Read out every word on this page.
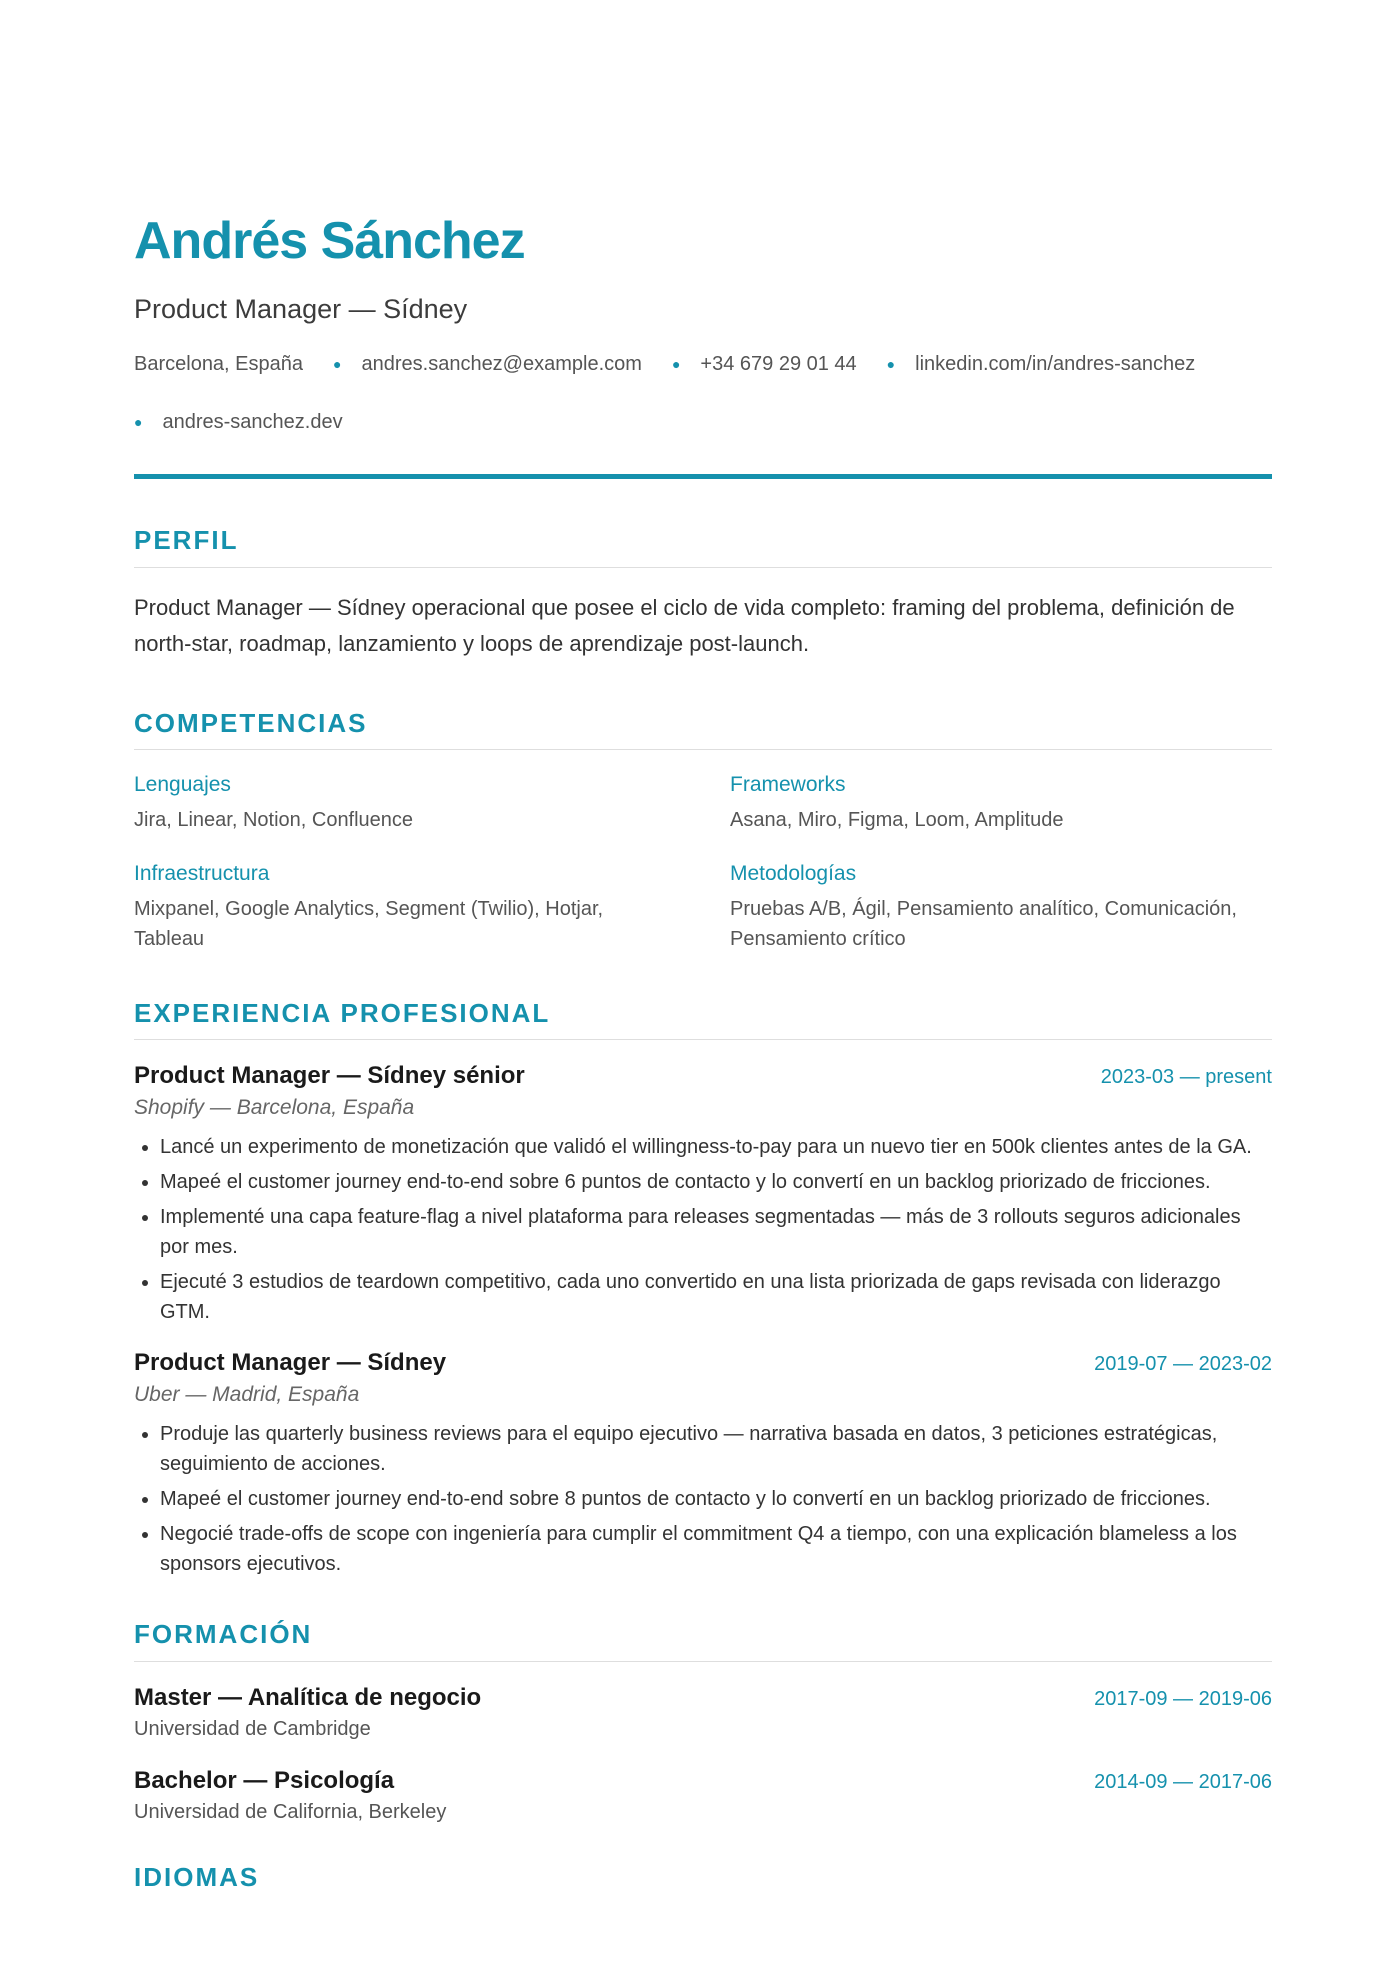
Andrés Sánchez
Product Manager — Sídney
Barcelona, España ● andres.sanchez@example.com ● +34 679 29 01 44 ● linkedin.com/in/andres-sanchez
● andres-sanchez.dev
PERFIL

Product Manager — Sídney operacional que posee el ciclo de vida completo: framing del problema, definición de north-star, roadmap, lanzamiento y loops de aprendizaje post-launch.

COMPETENCIAS
Lenguajes
Jira, Linear, Notion, Confluence
Frameworks
Asana, Miro, Figma, Loom, Amplitude
Infraestructura
Mixpanel, Google Analytics, Segment (Twilio), Hotjar, Tableau
Metodologías
Pruebas A/B, Ágil, Pensamiento analítico, Comunicación, Pensamiento crítico
EXPERIENCIA PROFESIONAL
Product Manager — Sídney sénior	2023-03 — present
Shopify — Barcelona, España
• Lancé un experimento de monetización que validó el willingness-to-pay para un nuevo tier en 500k clientes antes de la GA.
• Mapeé el customer journey end-to-end sobre 6 puntos de contacto y lo convertí en un backlog priorizado de fricciones.
• Implementé una capa feature-flag a nivel plataforma para releases segmentadas — más de 3 rollouts seguros adicionales por mes.
• Ejecuté 3 estudios de teardown competitivo, cada uno convertido en una lista priorizada de gaps revisada con liderazgo GTM.
Product Manager — Sídney	2019-07 — 2023-02
Uber — Madrid, España
• Produje las quarterly business reviews para el equipo ejecutivo — narrativa basada en datos, 3 peticiones estratégicas, seguimiento de acciones.
• Mapeé el customer journey end-to-end sobre 8 puntos de contacto y lo convertí en un backlog priorizado de fricciones.
• Negocié trade-offs de scope con ingeniería para cumplir el commitment Q4 a tiempo, con una explicación blameless a los sponsors ejecutivos.
FORMACIÓN
Master — Analítica de negocio	2017-09 — 2019-06
Universidad de Cambridge
Bachelor — Psicología	2014-09 — 2017-06
Universidad de California, Berkeley
IDIOMAS
